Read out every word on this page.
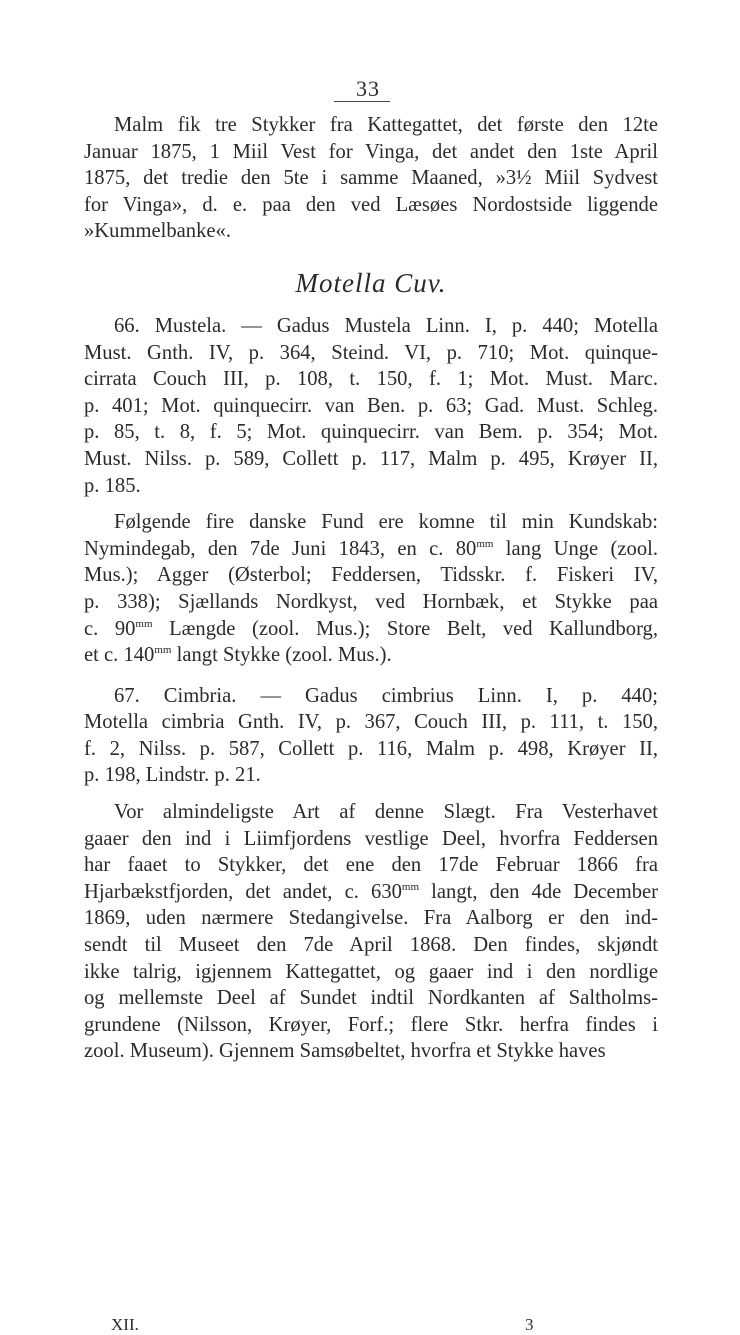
33
Malm fik tre Stykker fra Kattegattet, det første den 12te
Januar 1875, 1 Miil Vest for Vinga, det andet den 1ste April
1875, det tredie den 5te i samme Maaned, »3½ Miil Sydvest
for Vinga», d. e. paa den ved Læsøes Nordostside liggende
»Kummelbanke«.
Motella Cuv.
66. Mustela. — Gadus Mustela Linn. I, p. 440; Motella
Must. Gnth. IV, p. 364, Steind. VI, p. 710; Mot. quinque-
cirrata Couch III, p. 108, t. 150, f. 1; Mot. Must. Marc.
p. 401; Mot. quinquecirr. van Ben. p. 63; Gad. Must. Schleg.
p. 85, t. 8, f. 5; Mot. quinquecirr. van Bem. p. 354; Mot.
Must. Nilss. p. 589, Collett p. 117, Malm p. 495, Krøyer II,
p. 185.
Følgende fire danske Fund ere komne til min Kundskab:
Nymindegab, den 7de Juni 1843, en c. $80^{mm}$ lang Unge (zool.
Mus.); Agger (Østerbol; Feddersen, Tidsskr. f. Fiskeri IV,
p. 338); Sjællands Nordkyst, ved Hornbæk, et Stykke paa
c. $90^{mm}$ Længde (zool. Mus.); Store Belt, ved Kallundborg,
et c. $140^{mm}$ langt Stykke (zool. Mus.).
67. Cimbria. — Gadus cimbrius Linn. I, p. 440;
Motella cimbria Gnth. IV, p. 367, Couch III, p. 111, t. 150,
f. 2, Nilss. p. 587, Collett p. 116, Malm p. 498, Krøyer II,
p. 198, Lindstr. p. 21.
Vor almindeligste Art af denne Slægt. Fra Vesterhavet
gaaer den ind i Liimfjordens vestlige Deel, hvorfra Feddersen
har faaet to Stykker, det ene den 17de Februar 1866 fra
Hjarbækstfjorden, det andet, c. $630^{mm}$ langt, den 4de December
1869, uden nærmere Stedangivelse. Fra Aalborg er den ind-
sendt til Museet den 7de April 1868. Den findes, skjøndt
ikke talrig, igjennem Kattegattet, og gaaer ind i den nordlige
og mellemste Deel af Sundet indtil Nordkanten af Saltholms-
grundene (Nilsson, Krøyer, Forf.; flere Stkr. herfra findes i
zool. Museum). Gjennem Samsøbeltet, hvorfra et Stykke haves
XII.	3
